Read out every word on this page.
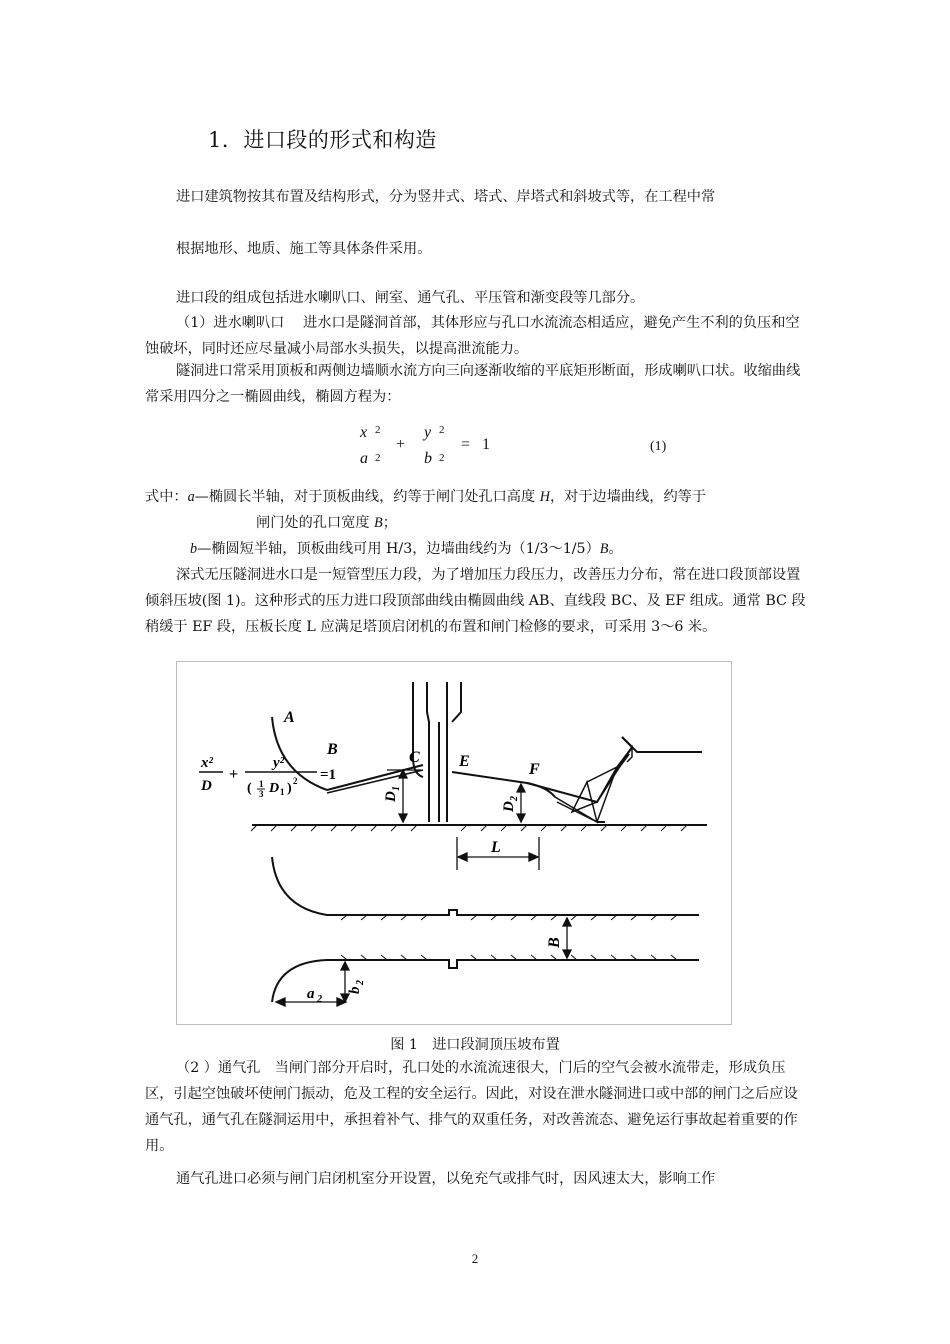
1．进口段的形式和构造

进口建筑物按其布置及结构形式，分为竖井式、塔式、岸塔式和斜坡式等，在工程中常

根据地形、地质、施工等具体条件采用。

进口段的组成包括进水喇叭口、闸室、通气孔、平压管和渐变段等几部分。

（1）进水喇叭口　 进水口是隧洞首部，其体形应与孔口水流流态相适应，避免产生不利的负压和空蚀破坏，同时还应尽量减小局部水头损失，以提高泄流能力。

隧洞进口常采用顶板和两侧边墙顺水流方向三向逐渐收缩的平底矩形断面，形成喇叭口状。收缩曲线常采用四分之一椭圆曲线，椭圆方程为：

x 2
a 2
+
y 2
b 2
= 1	(1)

式中：a—椭圆长半轴，对于顶板曲线，约等于闸门处孔口高度 H，对于边墙曲线，约等于

闸门处的孔口宽度 B；

b—椭圆短半轴，顶板曲线可用 H/3，边墙曲线约为（1/3～1/5）B。

深式无压隧洞进水口是一短管型压力段，为了增加压力段压力，改善压力分布，常在进口段顶部设置倾斜压坡(图 1)。这种形式的压力进口段顶部曲线由椭圆曲线 AB、直线段 BC、及 EF 组成。通常 BC 段稍缓于 EF 段，压板长度 L 应满足塔顶启闭机的布置和闸门检修的要求，可采用 3～6 米。

A
B	C E	F
L
D
1
D
2
B
a 2
b
2
x²
D
+
y²
( 1
3 D 1 ) 2 =1
图 1　进口段洞顶压坡布置

（2 ）通气孔　当闸门部分开启时，孔口处的水流流速很大，门后的空气会被水流带走，形成负压区，引起空蚀破坏使闸门振动，危及工程的安全运行。因此，对设在泄水隧洞进口或中部的闸门之后应设通气孔，通气孔在隧洞运用中，承担着补气、排气的双重任务，对改善流态、避免运行事故起着重要的作用。

通气孔进口必须与闸门启闭机室分开设置，以免充气或排气时，因风速太大，影响工作

2
